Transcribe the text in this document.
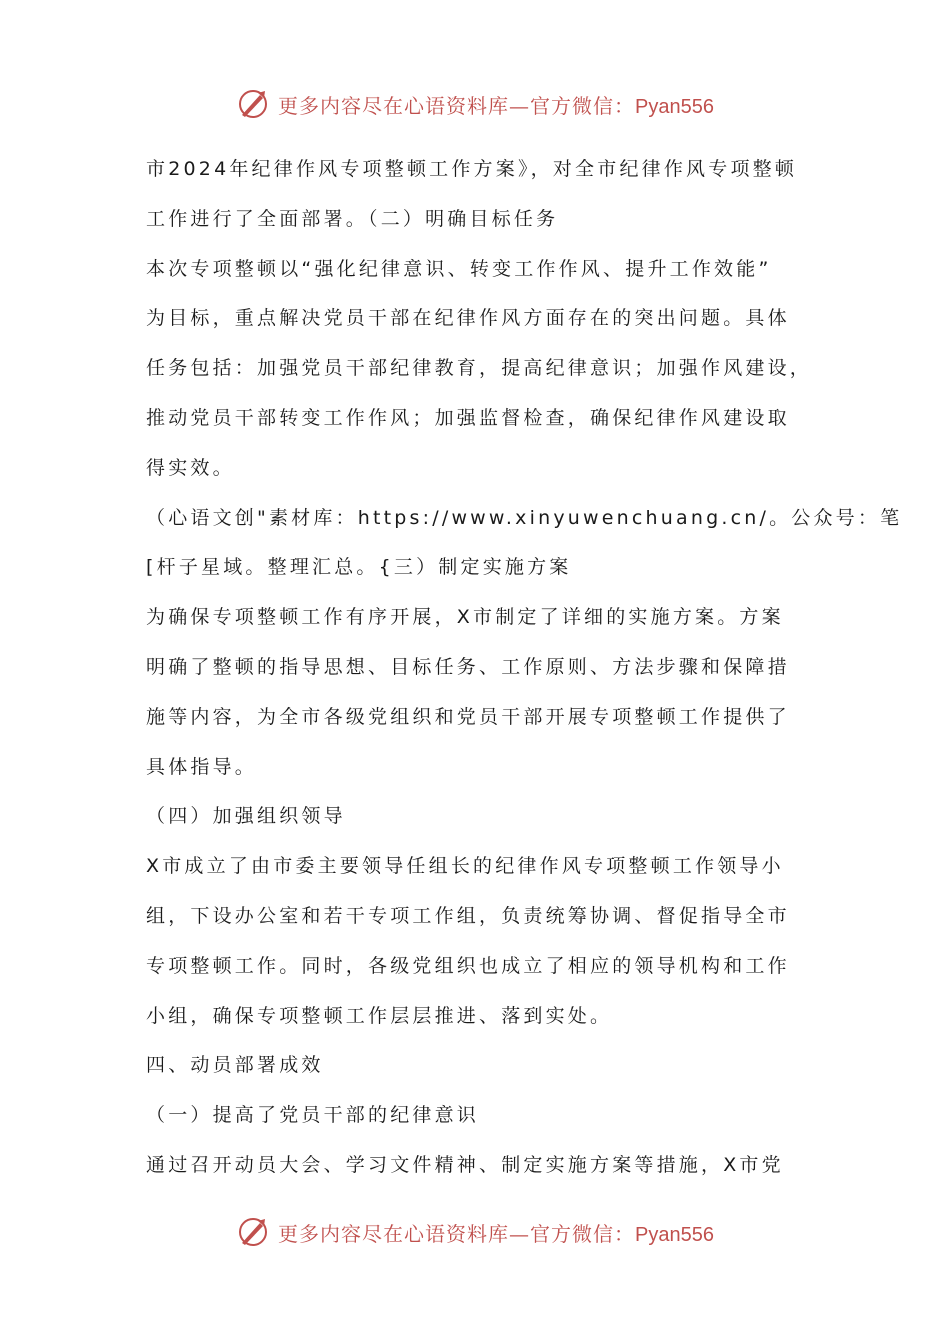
更多内容尽在心语资料库—官方微信：Pyan556
市2024年纪律作风专项整顿工作方案》，对全市纪律作风专项整顿
工作进行了全面部署。（二）明确目标任务
本次专项整顿以“强化纪律意识、转变工作作风、提升工作效能”
为目标，重点解决党员干部在纪律作风方面存在的突出问题。具体
任务包括：加强党员干部纪律教育，提高纪律意识；加强作风建设，
推动党员干部转变工作作风；加强监督检查，确保纪律作风建设取
得实效。
（心语文创"素材库：https://www.xinyuwenchuang.cn/。公众号：笔
[杆子星域。整理汇总。{三）制定实施方案
为确保专项整顿工作有序开展，X市制定了详细的实施方案。方案
明确了整顿的指导思想、目标任务、工作原则、方法步骤和保障措
施等内容，为全市各级党组织和党员干部开展专项整顿工作提供了
具体指导。
（四）加强组织领导
X市成立了由市委主要领导任组长的纪律作风专项整顿工作领导小
组，下设办公室和若干专项工作组，负责统筹协调、督促指导全市
专项整顿工作。同时，各级党组织也成立了相应的领导机构和工作
小组，确保专项整顿工作层层推进、落到实处。
四、动员部署成效
（一）提高了党员干部的纪律意识
通过召开动员大会、学习文件精神、制定实施方案等措施，X市党
更多内容尽在心语资料库—官方微信：Pyan556
